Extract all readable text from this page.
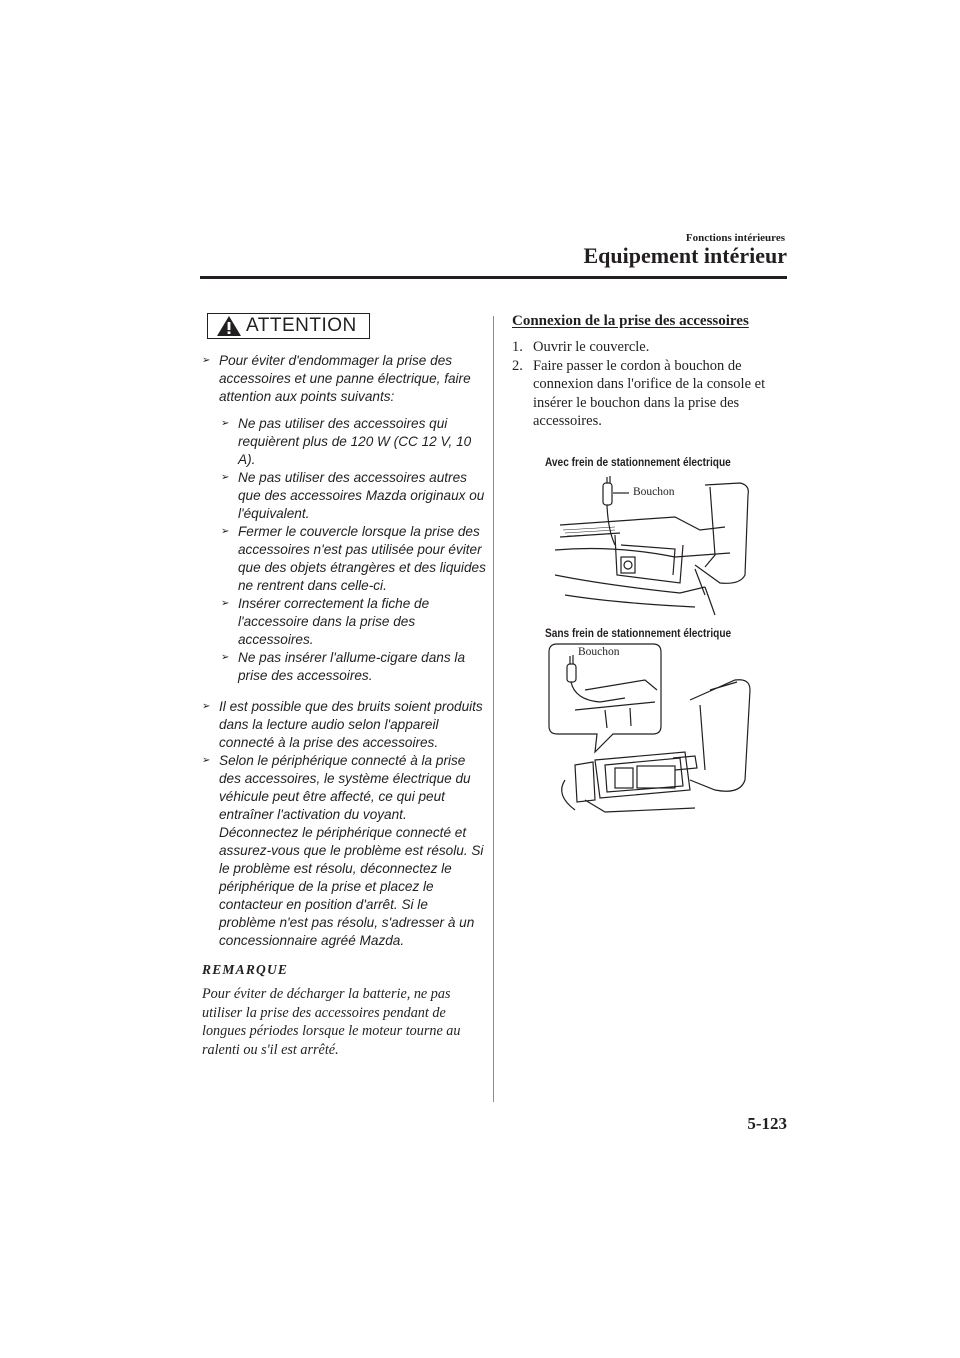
Fonctions intérieures
Equipement intérieur
ATTENTION
➢ Pour éviter d'endommager la prise des accessoires et une panne électrique, faire attention aux points suivants:
➢ Ne pas utiliser des accessoires qui requièrent plus de 120 W (CC 12 V, 10 A).
➢ Ne pas utiliser des accessoires autres que des accessoires Mazda originaux ou l'équivalent.
➢ Fermer le couvercle lorsque la prise des accessoires n'est pas utilisée pour éviter que des objets étrangères et des liquides ne rentrent dans celle-ci.
➢ Insérer correctement la fiche de l'accessoire dans la prise des accessoires.
➢ Ne pas insérer l'allume-cigare dans la prise des accessoires.
➢ Il est possible que des bruits soient produits dans la lecture audio selon l'appareil connecté à la prise des accessoires.
➢ Selon le périphérique connecté à la prise des accessoires, le système électrique du véhicule peut être affecté, ce qui peut entraîner l'activation du voyant. Déconnectez le périphérique connecté et assurez-vous que le problème est résolu. Si le problème est résolu, déconnectez le périphérique de la prise et placez le contacteur en position d'arrêt. Si le problème n'est pas résolu, s'adresser à un concessionnaire agréé Mazda.
REMARQUE
Pour éviter de décharger la batterie, ne pas utiliser la prise des accessoires pendant de longues périodes lorsque le moteur tourne au ralenti ou s'il est arrêté.
Connexion de la prise des accessoires
1. Ouvrir le couvercle.
2. Faire passer le cordon à bouchon de connexion dans l'orifice de la console et insérer le bouchon dans la prise des accessoires.
Avec frein de stationnement électrique
Bouchon
Sans frein de stationnement électrique
Bouchon
5-123
